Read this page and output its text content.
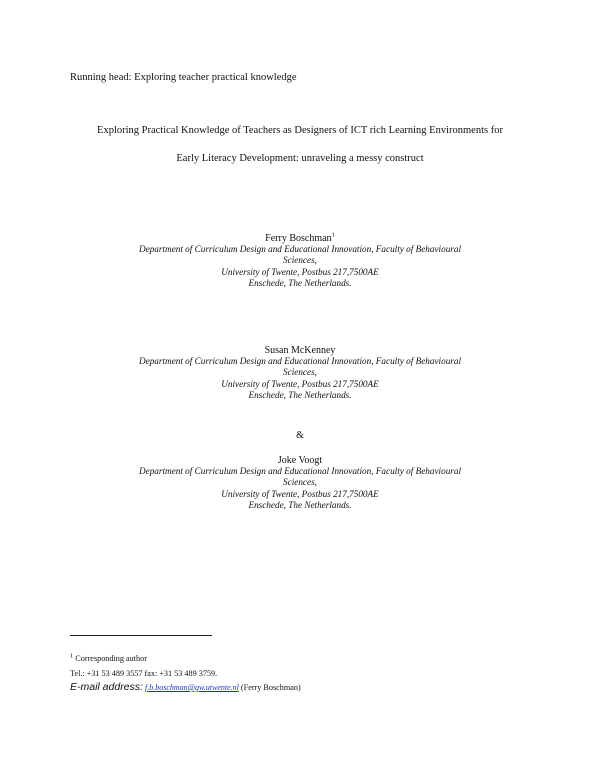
Running head: Exploring teacher practical knowledge
Exploring Practical Knowledge of Teachers as Designers of ICT rich Learning Environments for
Early Literacy Development: unraveling a messy construct
Ferry Boschman$^1$
Department of Curriculum Design and Educational Innovation, Faculty of Behavioural
Sciences,
University of Twente, Postbus 217,7500AE
Enschede, The Netherlands.
Susan McKenney
Department of Curriculum Design and Educational Innovation, Faculty of Behavioural
Sciences,
University of Twente, Postbus 217,7500AE
Enschede, The Netherlands.
&
Joke Voogt
Department of Curriculum Design and Educational Innovation, Faculty of Behavioural
Sciences,
University of Twente, Postbus 217,7500AE
Enschede, The Netherlands.
$^1$ Corresponding author
Tel.: +31 53 489 3557 fax: +31 53 489 3759.
E-mail address: f.b.boschman@gw.utwente.nl (Ferry Boschman)
